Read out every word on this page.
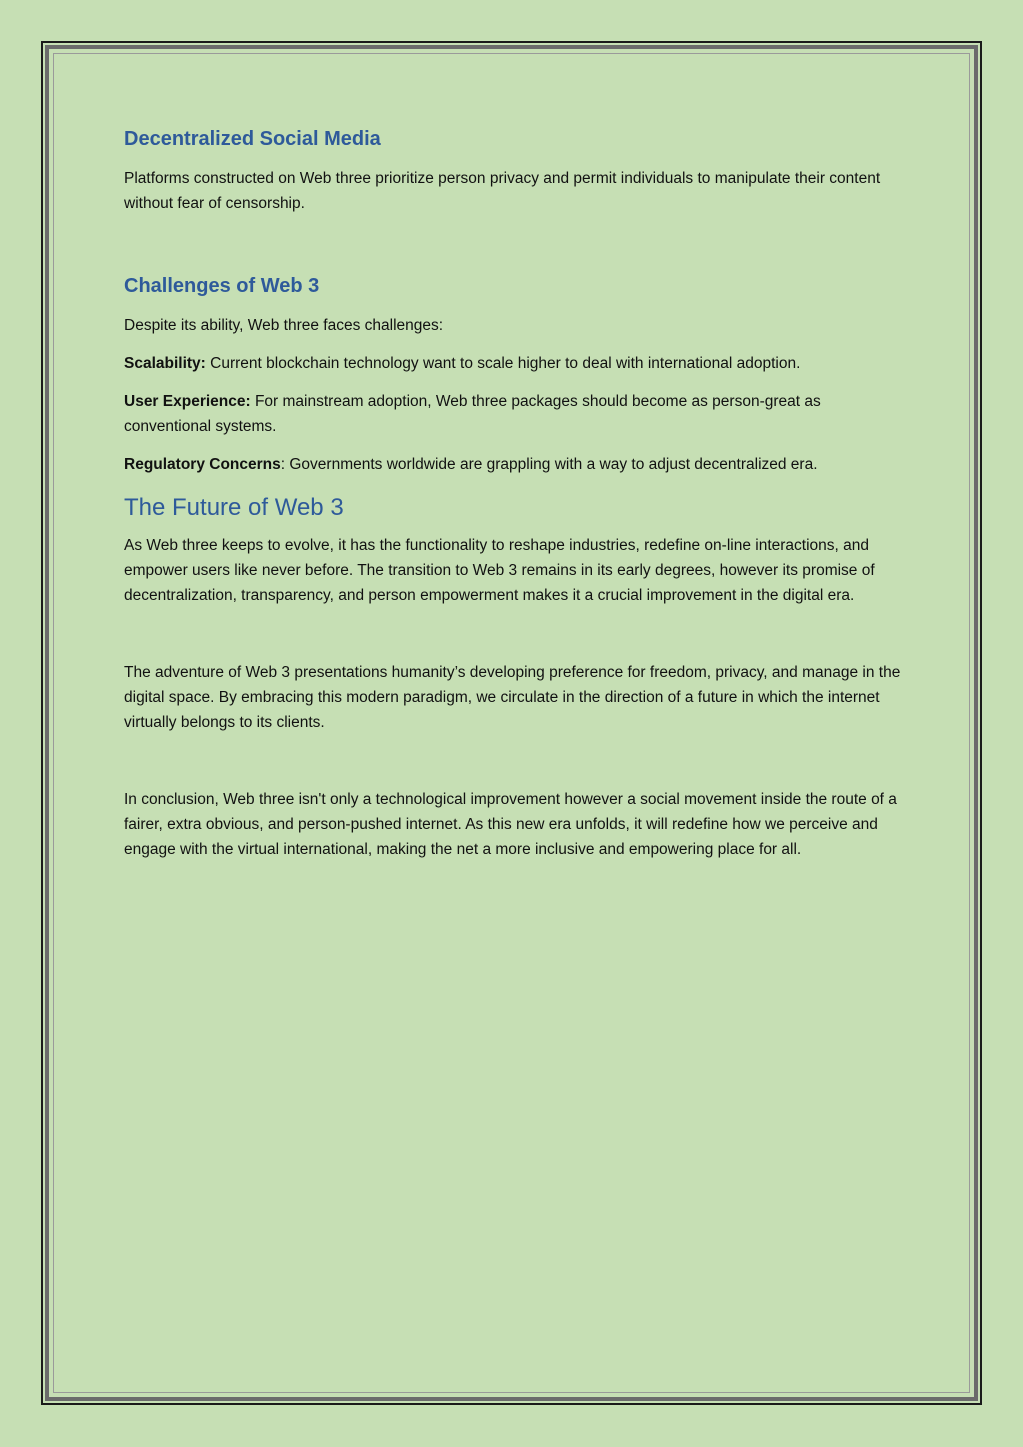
Decentralized Social Media

Platforms constructed on Web three prioritize person privacy and permit individuals to manipulate their content without fear of censorship.

Challenges of Web 3

Despite its ability, Web three faces challenges:

Scalability: Current blockchain technology want to scale higher to deal with international adoption.

User Experience: For mainstream adoption, Web three packages should become as person-great as conventional systems.

Regulatory Concerns: Governments worldwide are grappling with a way to adjust decentralized era.

The Future of Web 3

As Web three keeps to evolve, it has the functionality to reshape industries, redefine on-line interactions, and empower users like never before. The transition to Web 3 remains in its early degrees, however its promise of decentralization, transparency, and person empowerment makes it a crucial improvement in the digital era.

The adventure of Web 3 presentations humanity’s developing preference for freedom, privacy, and manage in the digital space. By embracing this modern paradigm, we circulate in the direction of a future in which the internet virtually belongs to its clients.

In conclusion, Web three isn't only a technological improvement however a social movement inside the route of a fairer, extra obvious, and person-pushed internet. As this new era unfolds, it will redefine how we perceive and engage with the virtual international, making the net a more inclusive and empowering place for all.
